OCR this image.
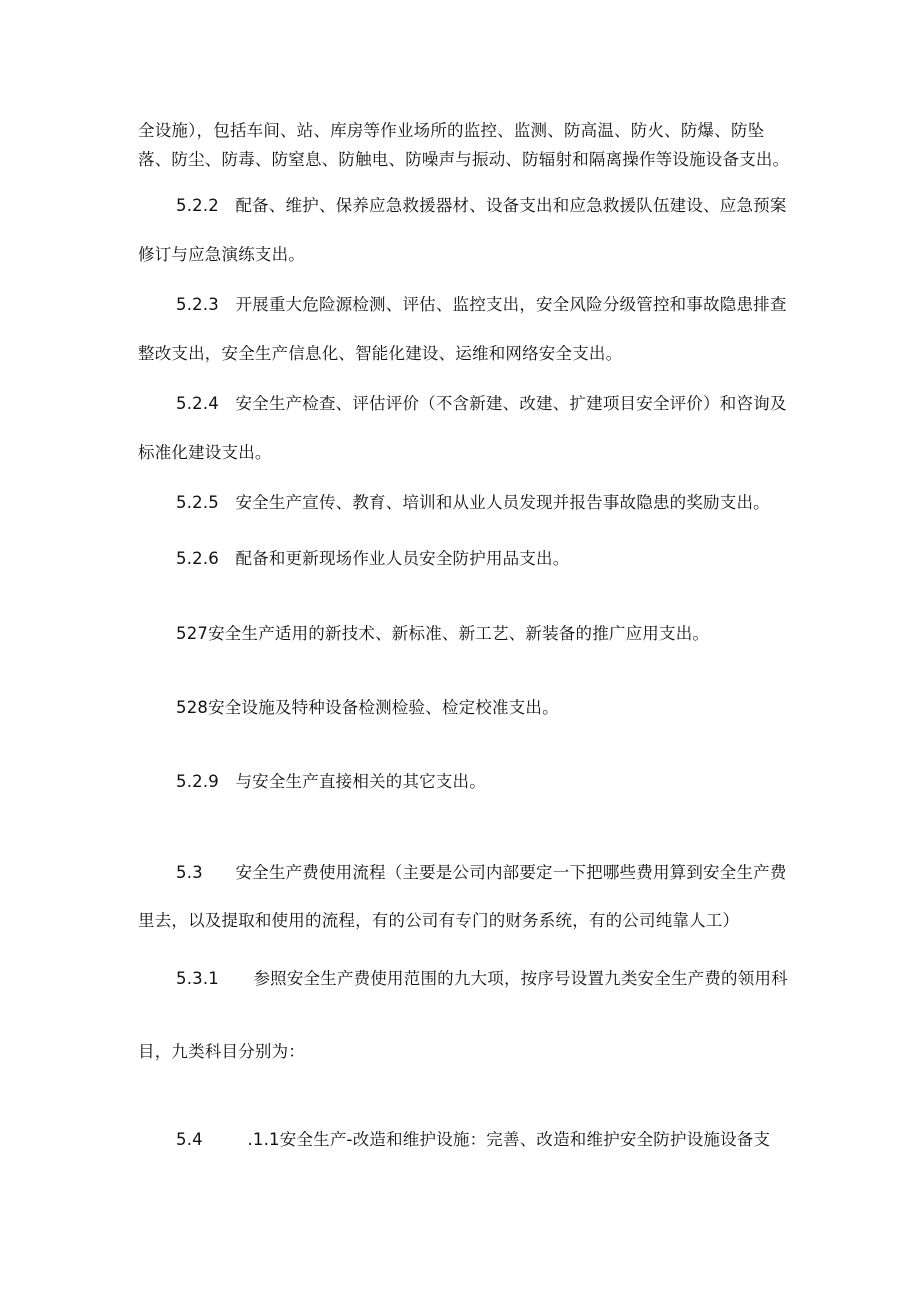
全设施），包括车间、站、库房等作业场所的监控、监测、防高温、防火、防爆、防坠
落、防尘、防毒、防窒息、防触电、防噪声与振动、防辐射和隔离操作等设施设备支出。
5.2.2 配备、维护、保养应急救援器材、设备支出和应急救援队伍建设、应急预案
修订与应急演练支出。
5.2.3 开展重大危险源检测、评估、监控支出，安全风险分级管控和事故隐患排查
整改支出，安全生产信息化、智能化建设、运维和网络安全支出。
5.2.4 安全生产检查、评估评价（不含新建、改建、扩建项目安全评价）和咨询及
标准化建设支出。
5.2.5 安全生产宣传、教育、培训和从业人员发现并报告事故隐患的奖励支出。
5.2.6 配备和更新现场作业人员安全防护用品支出。
527安全生产适用的新技术、新标准、新工艺、新装备的推广应用支出。
528安全设施及特种设备检测检验、检定校准支出。
5.2.9 与安全生产直接相关的其它支出。
5.3 安全生产费使用流程（主要是公司内部要定一下把哪些费用算到安全生产费
里去，以及提取和使用的流程，有的公司有专门的财务系统，有的公司纯靠人工）
5.3.1 参照安全生产费使用范围的九大项，按序号设置九类安全生产费的领用科
目，九类科目分别为：
5.4	.1.1安全生产-改造和维护设施：完善、改造和维护安全防护设施设备支
